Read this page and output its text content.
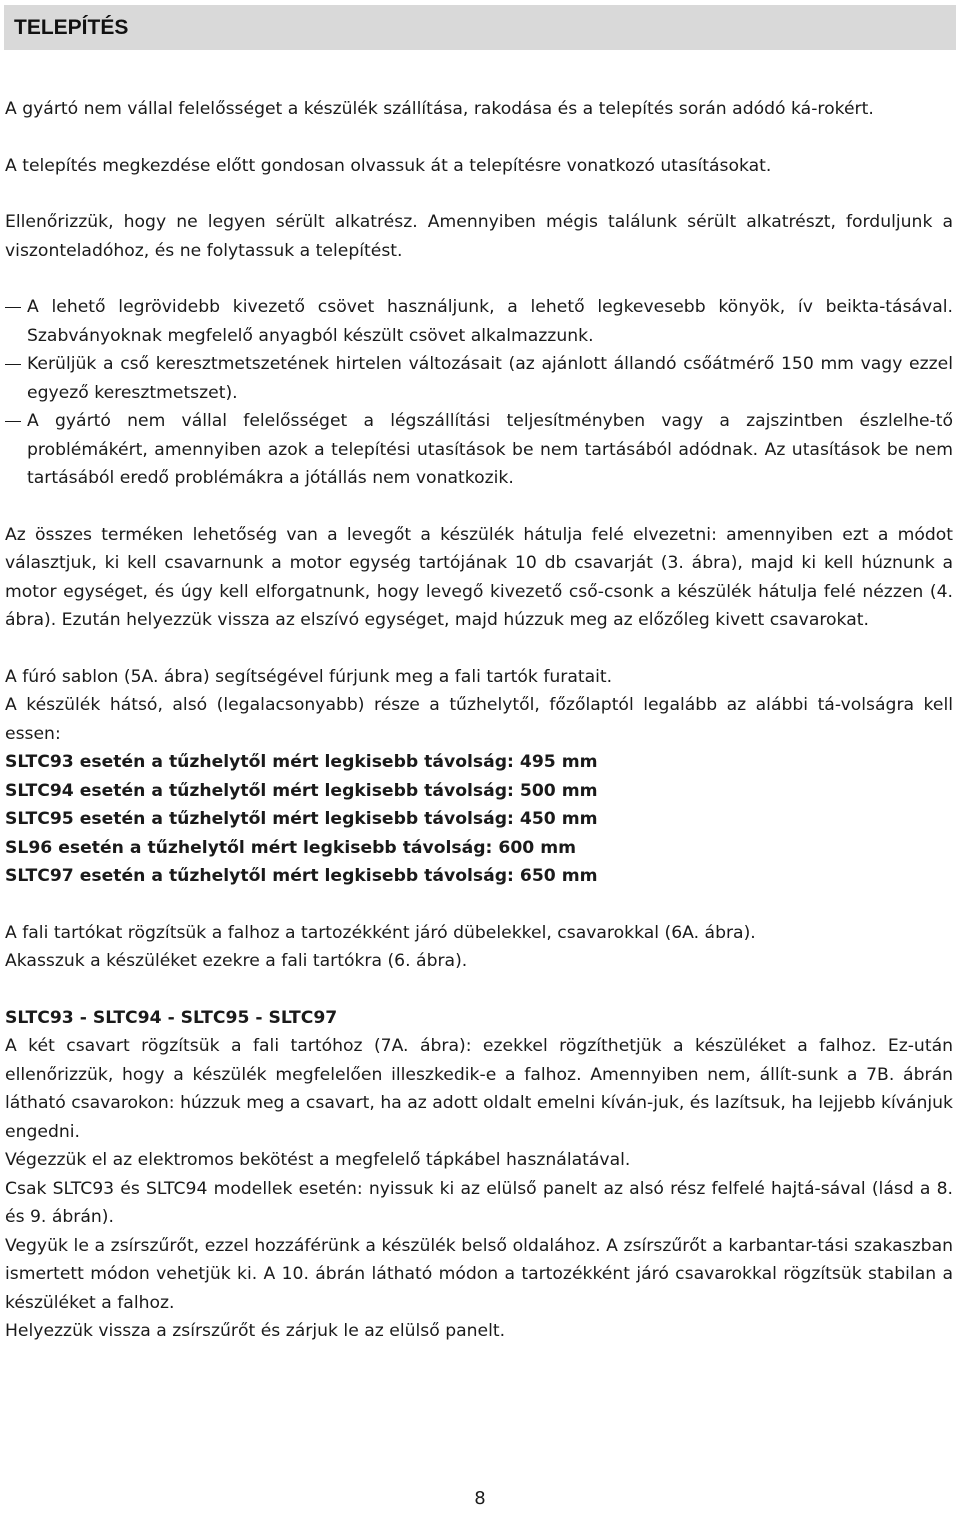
TELEPÍTÉS

A gyártó nem vállal felelősséget a készülék szállítása, rakodása és a telepítés során adódó ká-rokért.

A telepítés megkezdése előtt gondosan olvassuk át a telepítésre vonatkozó utasításokat.

Ellenőrizzük, hogy ne legyen sérült alkatrész. Amennyiben mégis találunk sérült alkatrészt, forduljunk a viszonteladóhoz, és ne folytassuk a telepítést.

A lehető legrövidebb kivezető csövet használjunk, a lehető legkevesebb könyök, ív beikta-tásával. Szabványoknak megfelelő anyagból készült csövet alkalmazzunk.
Kerüljük a cső keresztmetszetének hirtelen változásait (az ajánlott állandó csőátmérő 150 mm vagy ezzel egyező keresztmetszet).
A gyártó nem vállal felelősséget a légszállítási teljesítményben vagy a zajszintben észlelhe-tő problémákért, amennyiben azok a telepítési utasítások be nem tartásából adódnak. Az utasítások be nem tartásából eredő problémákra a jótállás nem vonatkozik.

Az összes terméken lehetőség van a levegőt a készülék hátulja felé elvezetni: amennyiben ezt a módot választjuk, ki kell csavarnunk a motor egység tartójának 10 db csavarját (3. ábra), majd ki kell húznunk a motor egységet, és úgy kell elforgatnunk, hogy levegő kivezető cső-csonk a készülék hátulja felé nézzen (4. ábra). Ezután helyezzük vissza az elszívó egységet, majd húzzuk meg az előzőleg kivett csavarokat.

A fúró sablon (5A. ábra) segítségével fúrjunk meg a fali tartók furatait.

A készülék hátsó, alsó (legalacsonyabb) része a tűzhelytől, főzőlaptól legalább az alábbi tá-volságra kell essen:

SLTC93 esetén a tűzhelytől mért legkisebb távolság: 495 mm

SLTC94 esetén a tűzhelytől mért legkisebb távolság: 500 mm

SLTC95 esetén a tűzhelytől mért legkisebb távolság: 450 mm

SL96 esetén a tűzhelytől mért legkisebb távolság: 600 mm

SLTC97 esetén a tűzhelytől mért legkisebb távolság: 650 mm

A fali tartókat rögzítsük a falhoz a tartozékként járó dübelekkel, csavarokkal (6A. ábra).

Akasszuk a készüléket ezekre a fali tartókra (6. ábra).

SLTC93 - SLTC94 - SLTC95 - SLTC97

A két csavart rögzítsük a fali tartóhoz (7A. ábra): ezekkel rögzíthetjük a készüléket a falhoz. Ez-után ellenőrizzük, hogy a készülék megfelelően illeszkedik-e a falhoz. Amennyiben nem, állít-sunk a 7B. ábrán látható csavarokon: húzzuk meg a csavart, ha az adott oldalt emelni kíván-juk, és lazítsuk, ha lejjebb kívánjuk engedni.

Végezzük el az elektromos bekötést a megfelelő tápkábel használatával.

Csak SLTC93 és SLTC94 modellek esetén: nyissuk ki az elülső panelt az alsó rész felfelé hajtá-sával (lásd a 8. és 9. ábrán).

Vegyük le a zsírszűrőt, ezzel hozzáférünk a készülék belső oldalához. A zsírszűrőt a karbantar-tási szakaszban ismertett módon vehetjük ki. A 10. ábrán látható módon a tartozékként járó csavarokkal rögzítsük stabilan a készüléket a falhoz.

Helyezzük vissza a zsírszűrőt és zárjuk le az elülső panelt.

8
